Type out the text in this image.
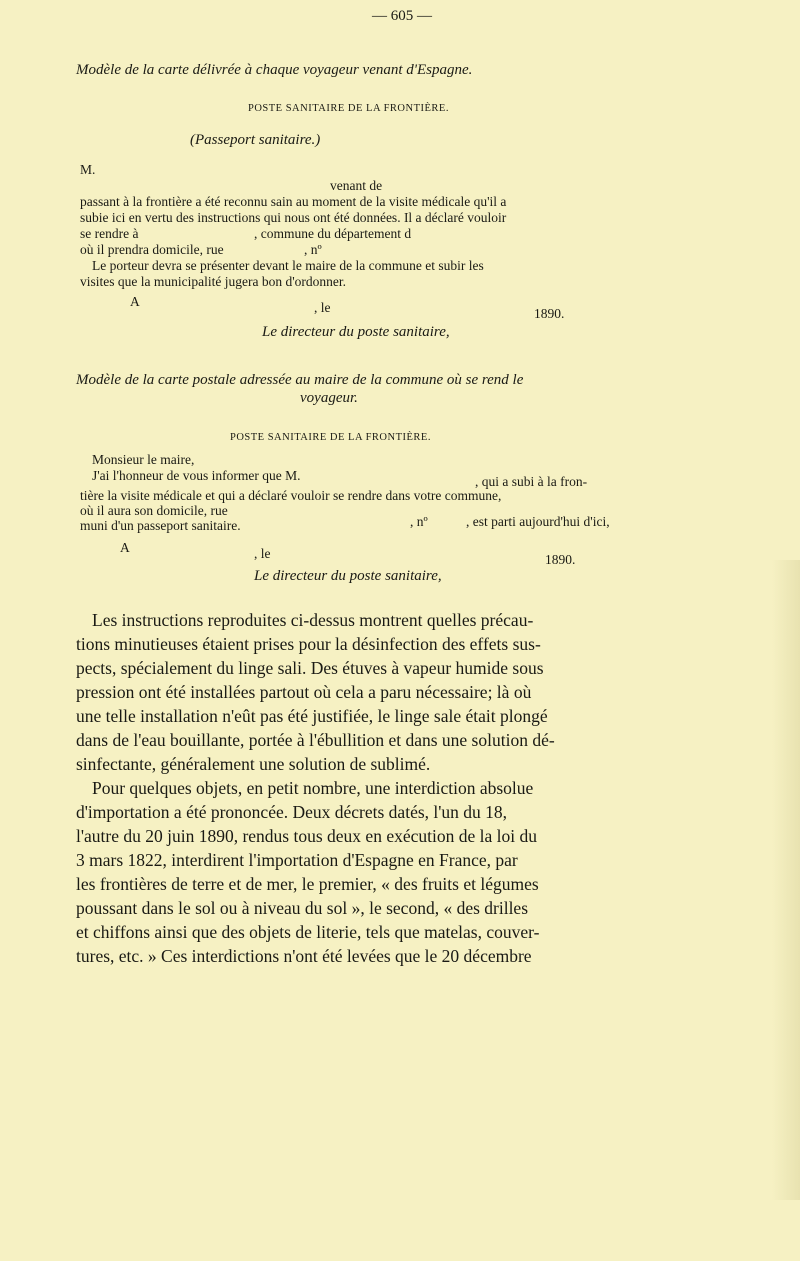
— 605 —
Modèle de la carte délivrée à chaque voyageur venant d'Espagne.
POSTE SANITAIRE DE LA FRONTIÈRE.
(Passeport sanitaire.)
M.
venant de
passant à la frontière a été reconnu sain au moment de la visite médicale qu'il a
subie ici en vertu des instructions qui nous ont été données. Il a déclaré vouloir
se rendre à	, commune du département d
où il prendra domicile, rue	, nº
Le porteur devra se présenter devant le maire de la commune et subir les
visites que la municipalité jugera bon d'ordonner.
A	, le	1890.
Le directeur du poste sanitaire,
Modèle de la carte postale adressée au maire de la commune où se rend le
voyageur.
POSTE SANITAIRE DE LA FRONTIÈRE.
Monsieur le maire,
J'ai l'honneur de vous informer que M.	, qui a subi à la fron-
tière la visite médicale et qui a déclaré vouloir se rendre dans votre commune,
où il aura son domicile, rue
, nº	, est parti aujourd'hui d'ici,
muni d'un passeport sanitaire.
A	, le	1890.
Le directeur du poste sanitaire,
Les instructions reproduites ci-dessus montrent quelles précau-
tions minutieuses étaient prises pour la désinfection des effets sus-
pects, spécialement du linge sali. Des étuves à vapeur humide sous
pression ont été installées partout où cela a paru nécessaire; là où
une telle installation n'eût pas été justifiée, le linge sale était plongé
dans de l'eau bouillante, portée à l'ébullition et dans une solution dé-
sinfectante, généralement une solution de sublimé.
Pour quelques objets, en petit nombre, une interdiction absolue
d'importation a été prononcée. Deux décrets datés, l'un du 18,
l'autre du 20 juin 1890, rendus tous deux en exécution de la loi du
3 mars 1822, interdirent l'importation d'Espagne en France, par
les frontières de terre et de mer, le premier, « des fruits et légumes
poussant dans le sol ou à niveau du sol », le second, « des drilles
et chiffons ainsi que des objets de literie, tels que matelas, couver-
tures, etc. » Ces interdictions n'ont été levées que le 20 décembre
